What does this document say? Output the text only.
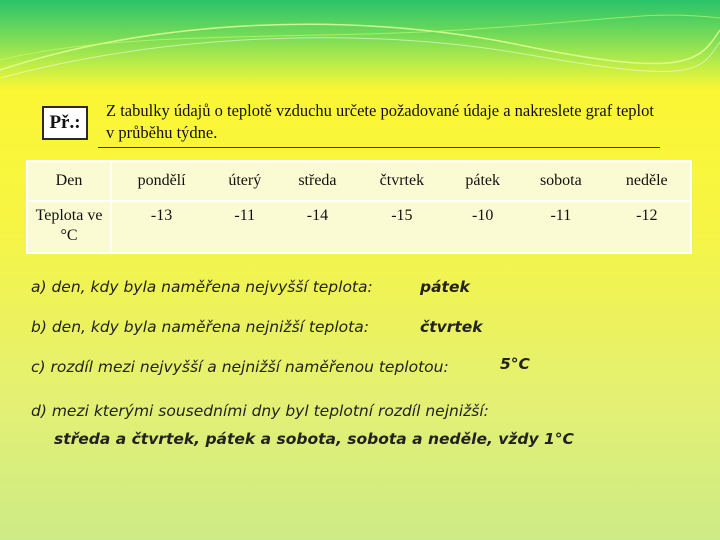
Př.:
Z tabulky údajů o teplotě vzduchu určete požadované údaje a nakreslete graf teplot v průběhu týdne.
Den	pondělí	úterý	středa	čtvrtek	pátek	sobota	neděle
Teplota ve °C	-13	-11	-14	-15	-10	-11	-12
a) den, kdy byla naměřena nejvyšší teplota:	pátek
b) den, kdy byla naměřena nejnižší teplota:	čtvrtek
c) rozdíl mezi nejvyšší a nejnižší naměřenou teplotou:	5°C
d) mezi kterými sousedními dny byl teplotní rozdíl nejnižší:
středa a čtvrtek, pátek a sobota, sobota a neděle, vždy 1°C
